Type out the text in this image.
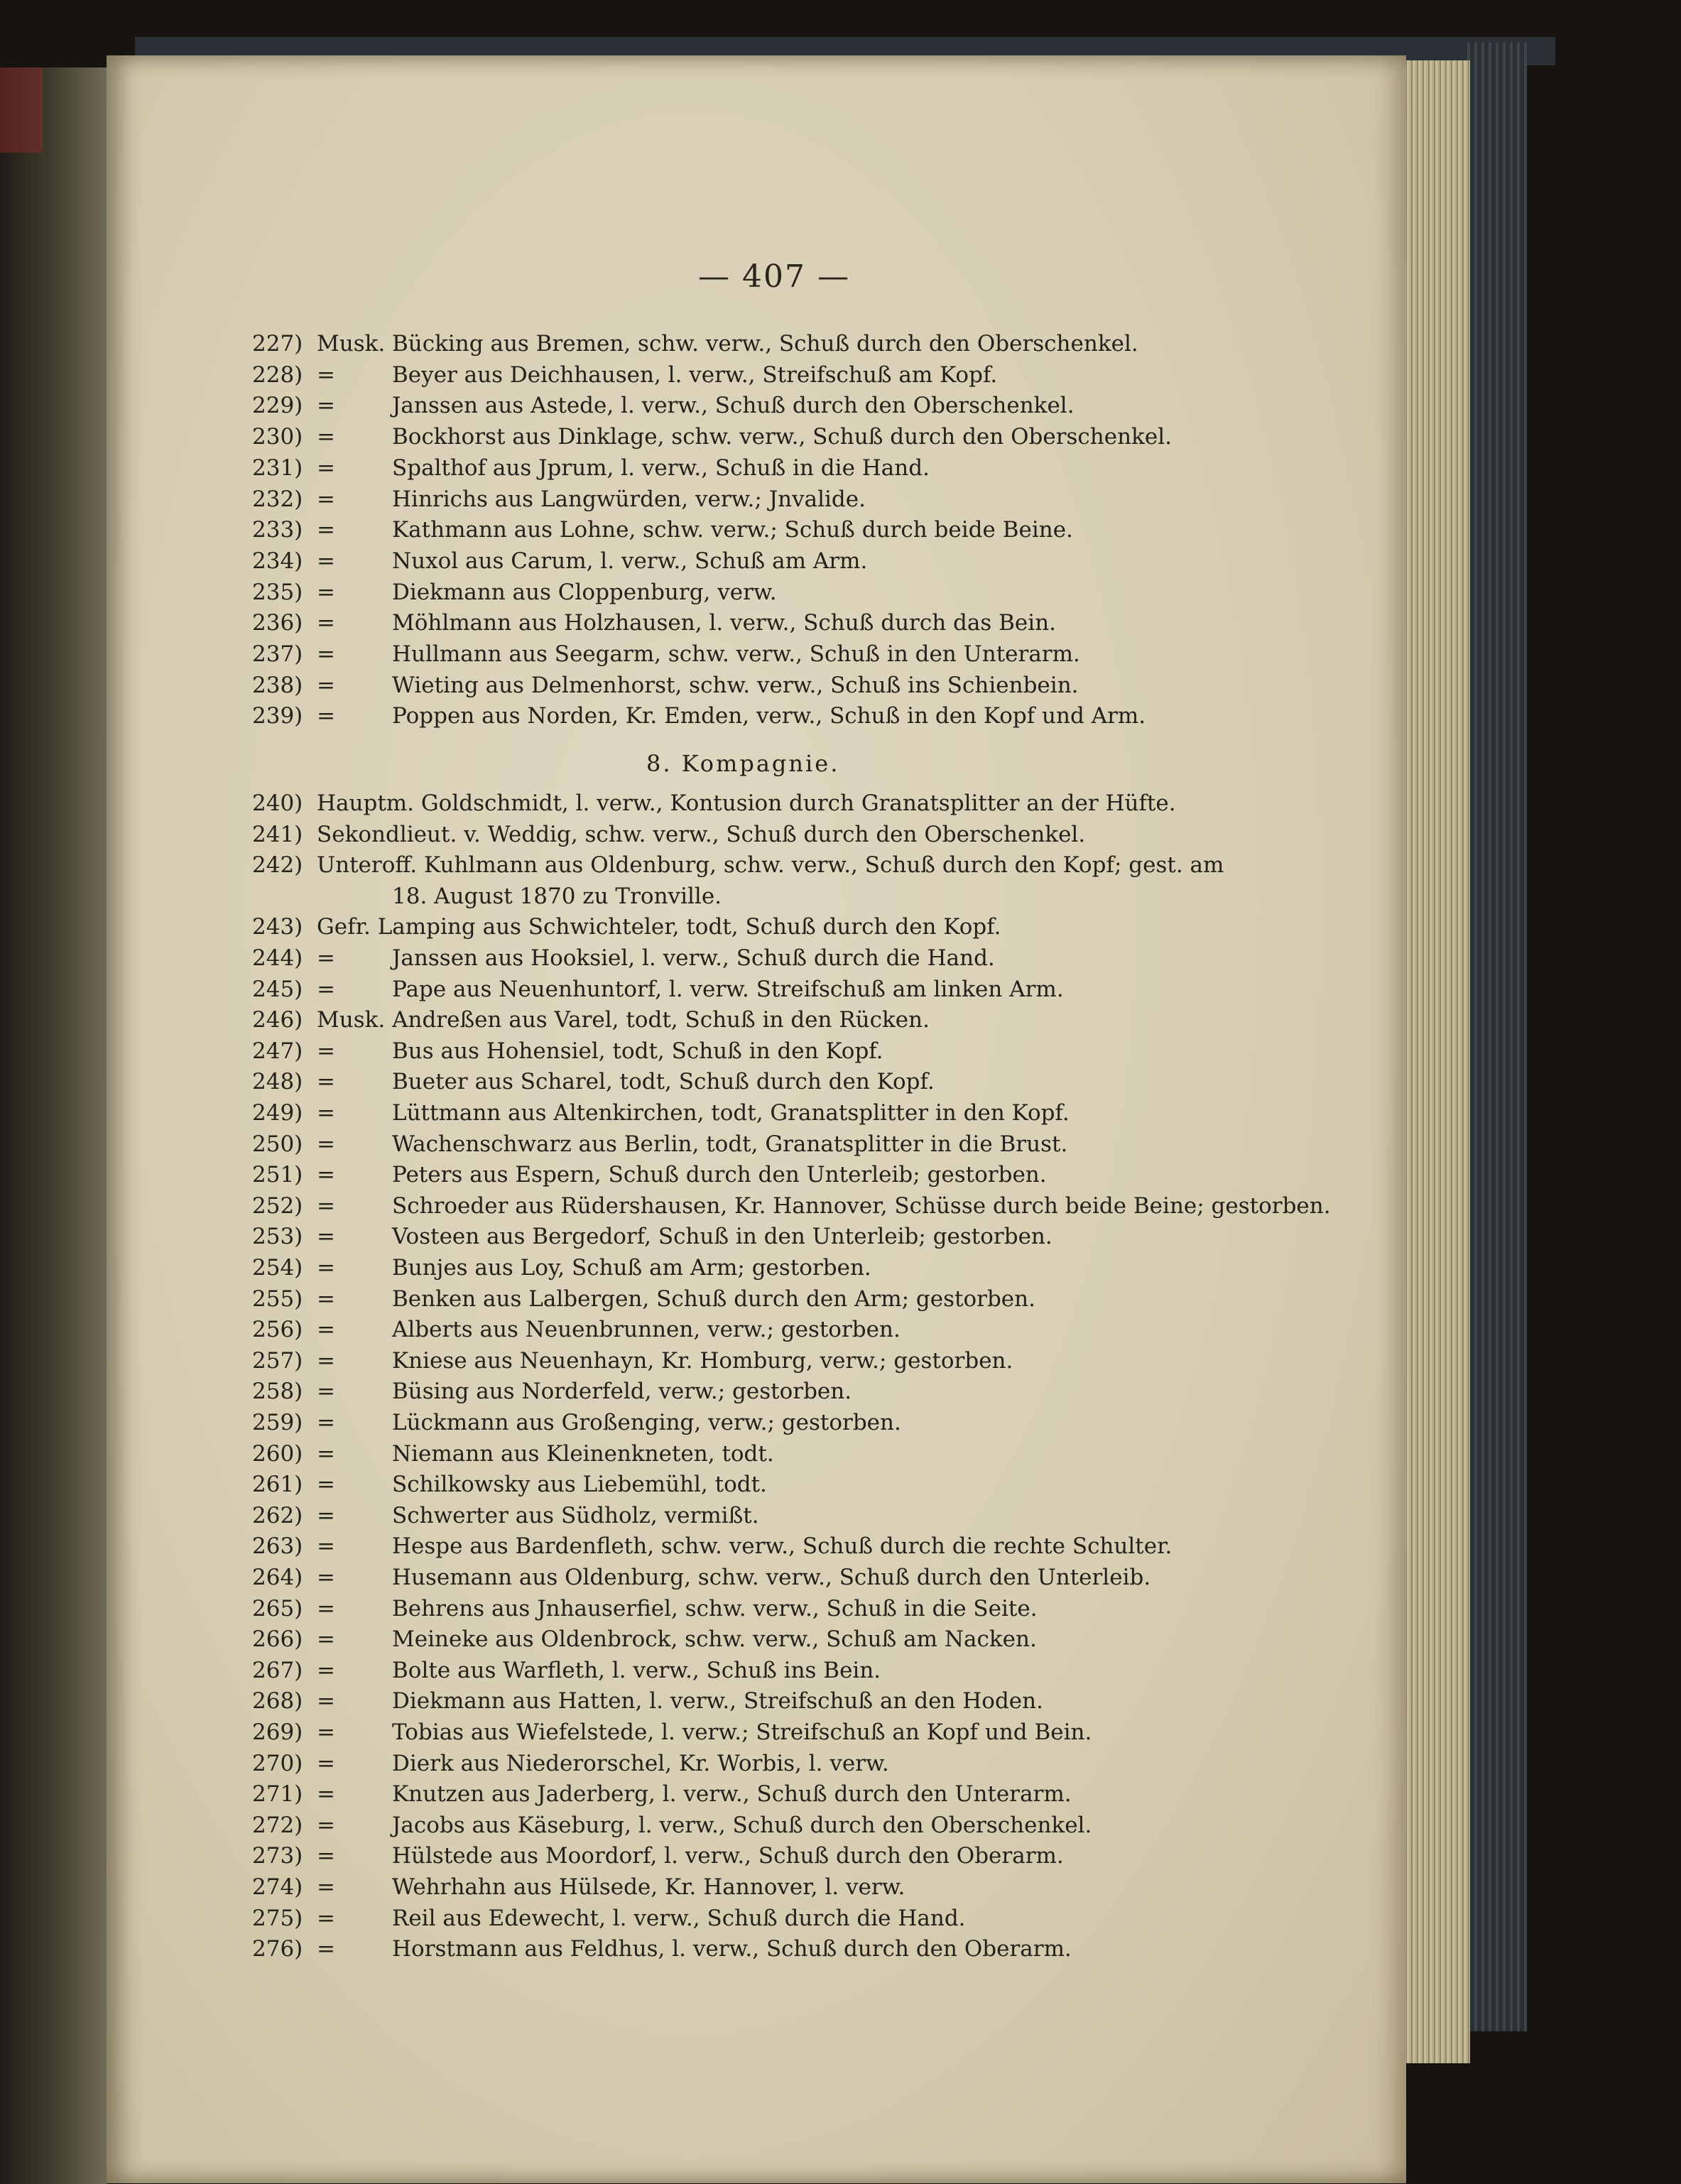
— 407 —
227) Musk. Bücking aus Bremen, schw. verw., Schuß durch den Oberschenkel.
228) =	Beyer aus Deichhausen, l. verw., Streifschuß am Kopf.
229) =	Janssen aus Astede, l. verw., Schuß durch den Oberschenkel.
230) =	Bockhorst aus Dinklage, schw. verw., Schuß durch den Oberschenkel.
231) =	Spalthof aus Jprum, l. verw., Schuß in die Hand.
232) =	Hinrichs aus Langwürden, verw.; Jnvalide.
233) =	Kathmann aus Lohne, schw. verw.; Schuß durch beide Beine.
234) =	Nuxol aus Carum, l. verw., Schuß am Arm.
235) =	Diekmann aus Cloppenburg, verw.
236) =	Möhlmann aus Holzhausen, l. verw., Schuß durch das Bein.
237) =	Hullmann aus Seegarm, schw. verw., Schuß in den Unterarm.
238) =	Wieting aus Delmenhorst, schw. verw., Schuß ins Schienbein.
239) =	Poppen aus Norden, Kr. Emden, verw., Schuß in den Kopf und Arm.
8. Kompagnie.
240) Hauptm. Goldschmidt, l. verw., Kontusion durch Granatsplitter an der Hüfte.
241) Sekondlieut. v. Weddig, schw. verw., Schuß durch den Oberschenkel.
242) Unteroff. Kuhlmann aus Oldenburg, schw. verw., Schuß durch den Kopf; gest. am
18. August 1870 zu Tronville.
243) Gefr. Lamping aus Schwichteler, todt, Schuß durch den Kopf.
244) =	Janssen aus Hooksiel, l. verw., Schuß durch die Hand.
245) =	Pape aus Neuenhuntorf, l. verw. Streifschuß am linken Arm.
246) Musk. Andreßen aus Varel, todt, Schuß in den Rücken.
247) =	Bus aus Hohensiel, todt, Schuß in den Kopf.
248) =	Bueter aus Scharel, todt, Schuß durch den Kopf.
249) =	Lüttmann aus Altenkirchen, todt, Granatsplitter in den Kopf.
250) =	Wachenschwarz aus Berlin, todt, Granatsplitter in die Brust.
251) =	Peters aus Espern, Schuß durch den Unterleib; gestorben.
252) =	Schroeder aus Rüdershausen, Kr. Hannover, Schüsse durch beide Beine; gestorben.
253) =	Vosteen aus Bergedorf, Schuß in den Unterleib; gestorben.
254) =	Bunjes aus Loy, Schuß am Arm; gestorben.
255) =	Benken aus Lalbergen, Schuß durch den Arm; gestorben.
256) =	Alberts aus Neuenbrunnen, verw.; gestorben.
257) =	Kniese aus Neuenhayn, Kr. Homburg, verw.; gestorben.
258) =	Büsing aus Norderfeld, verw.; gestorben.
259) =	Lückmann aus Großenging, verw.; gestorben.
260) =	Niemann aus Kleinenkneten, todt.
261) =	Schilkowsky aus Liebemühl, todt.
262) =	Schwerter aus Südholz, vermißt.
263) =	Hespe aus Bardenfleth, schw. verw., Schuß durch die rechte Schulter.
264) =	Husemann aus Oldenburg, schw. verw., Schuß durch den Unterleib.
265) =	Behrens aus Jnhauserfiel, schw. verw., Schuß in die Seite.
266) =	Meineke aus Oldenbrock, schw. verw., Schuß am Nacken.
267) =	Bolte aus Warfleth, l. verw., Schuß ins Bein.
268) =	Diekmann aus Hatten, l. verw., Streifschuß an den Hoden.
269) =	Tobias aus Wiefelstede, l. verw.; Streifschuß an Kopf und Bein.
270) =	Dierk aus Niederorschel, Kr. Worbis, l. verw.
271) =	Knutzen aus Jaderberg, l. verw., Schuß durch den Unterarm.
272) =	Jacobs aus Käseburg, l. verw., Schuß durch den Oberschenkel.
273) =	Hülstede aus Moordorf, l. verw., Schuß durch den Oberarm.
274) =	Wehrhahn aus Hülsede, Kr. Hannover, l. verw.
275) =	Reil aus Edewecht, l. verw., Schuß durch die Hand.
276) =	Horstmann aus Feldhus, l. verw., Schuß durch den Oberarm.
